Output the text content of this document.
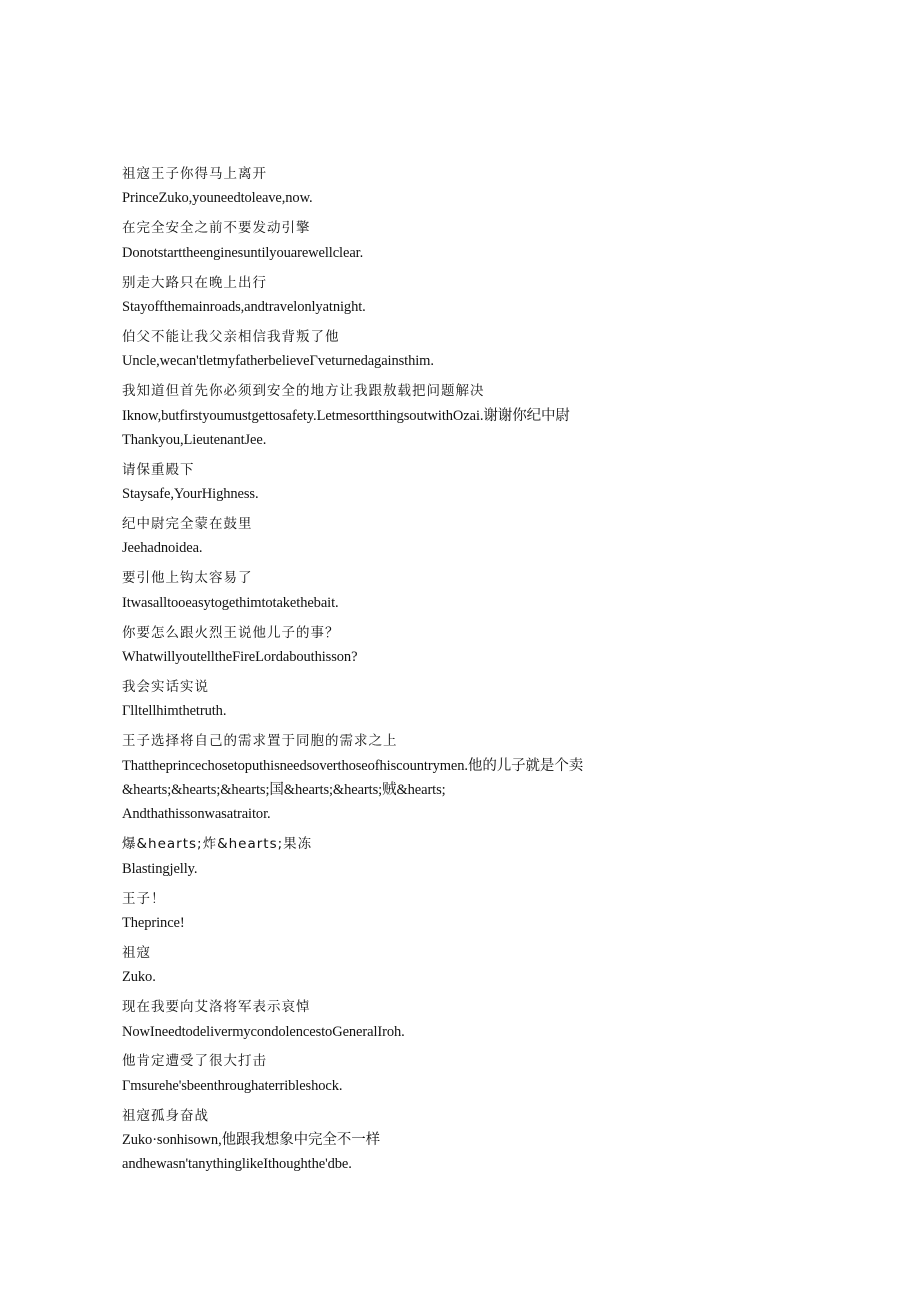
祖寇王子你得马上离开
PrinceZuko,youneedtoleave,now.
在完全安全之前不要发动引擎
Donotstarttheenginesuntilyouarewellclear.
别走大路只在晚上出行
Stayoffthemainroads,andtravelonlyatnight.
伯父不能让我父亲相信我背叛了他
Uncle,wecan'tletmyfatherbelieveΓveturnedagainsthim.
我知道但首先你必须到安全的地方让我跟敖载把问题解决
Iknow,butfirstyoumustgettosafety.LetmesortthingsoutwithOzai.谢谢你纪中尉
Thankyou,LieutenantJee.
请保重殿下
Staysafe,YourHighness.
纪中尉完全蒙在鼓里
Jeehadnoidea.
要引他上钩太容易了
Itwasalltooeasytogethimtotakethebait.
你要怎么跟火烈王说他儿子的事？
WhatwillyoutelltheFireLordabouthisson?
我会实话实说
Γlltellhimthetruth.
王子选择将自己的需求置于同胞的需求之上
Thattheprincechosetoputhisneedsoverthoseofhiscountrymen.他的儿子就是个卖
&hearts;&hearts;&hearts;国&hearts;&hearts;贼&hearts;
Andthathissonwasatraitor.
爆&hearts;炸&hearts;果冻
Blastingjelly.
王子！
Theprince!
祖寇
Zuko.
现在我要向艾洛将军表示哀悼
NowIneedtodelivermycondolencestoGeneralIroh.
他肯定遭受了很大打击
Γmsurehe'sbeenthroughaterribleshock.
祖寇孤身奋战
Zuko·sonhisown,他跟我想象中完全不一样
andhewasn'tanythinglikeIthoughthe'dbe.
